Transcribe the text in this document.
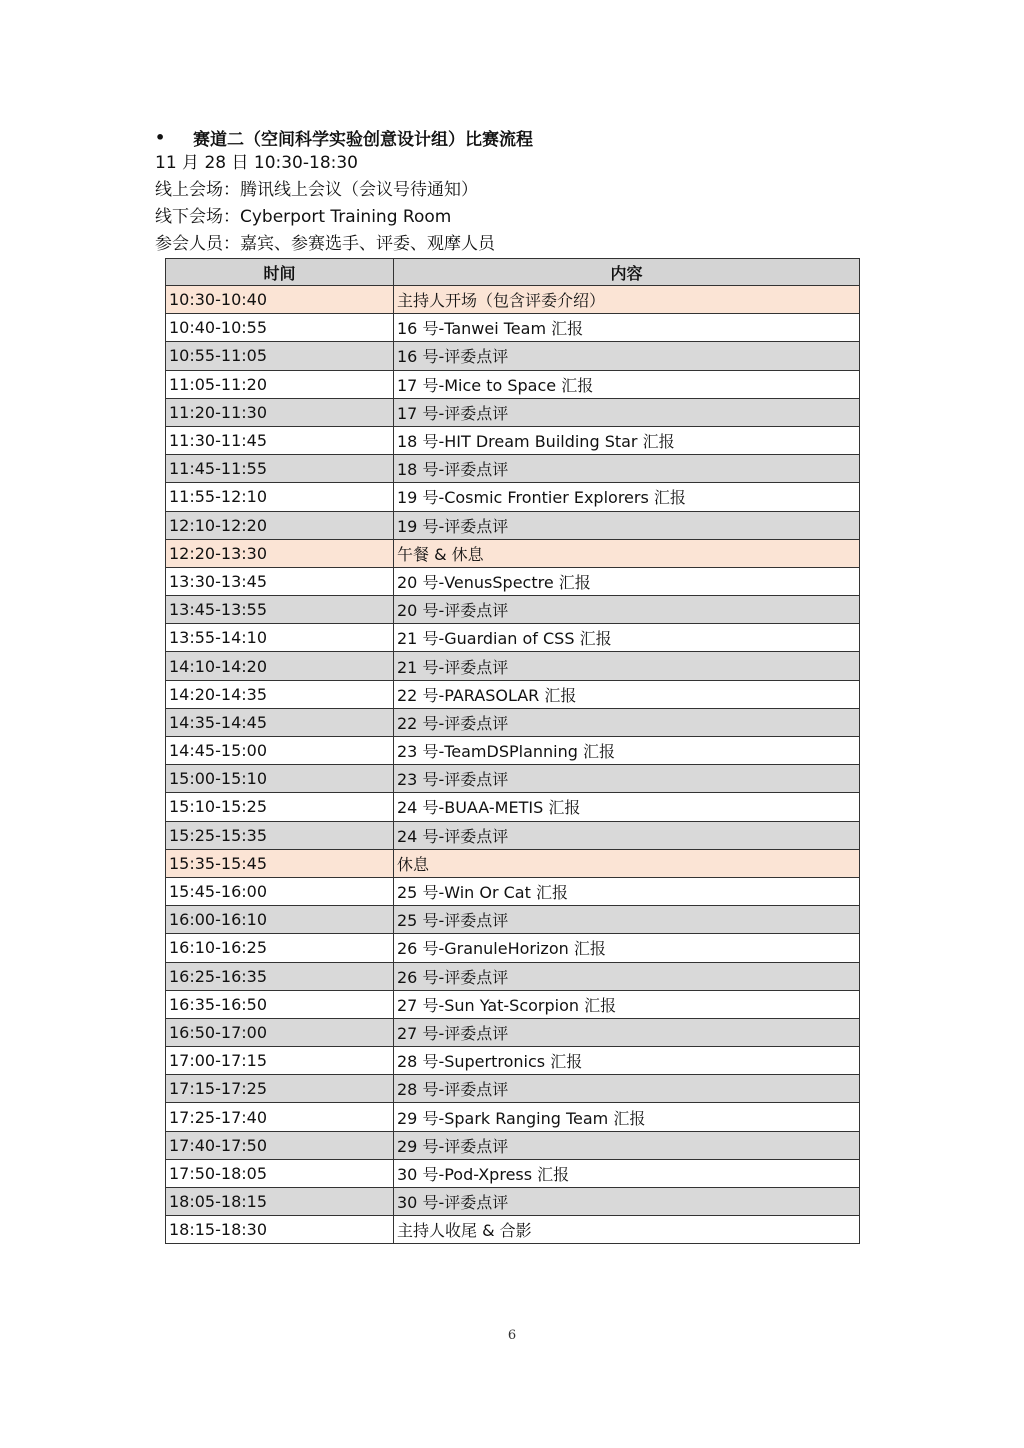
•	赛道二（空间科学实验创意设计组）比赛流程
11 月 28 日 10:30-18:30
线上会场：腾讯线上会议（会议号待通知）
线下会场：Cyberport Training Room
参会人员：嘉宾、参赛选手、评委、观摩人员
时间	内容
10:30-10:40	主持人开场（包含评委介绍）
10:40-10:55	16 号-Tanwei Team 汇报
10:55-11:05	16 号-评委点评
11:05-11:20	17 号-Mice to Space 汇报
11:20-11:30	17 号-评委点评
11:30-11:45	18 号-HIT Dream Building Star 汇报
11:45-11:55	18 号-评委点评
11:55-12:10	19 号-Cosmic Frontier Explorers 汇报
12:10-12:20	19 号-评委点评
12:20-13:30	午餐 & 休息
13:30-13:45	20 号-VenusSpectre 汇报
13:45-13:55	20 号-评委点评
13:55-14:10	21 号-Guardian of CSS 汇报
14:10-14:20	21 号-评委点评
14:20-14:35	22 号-PARASOLAR 汇报
14:35-14:45	22 号-评委点评
14:45-15:00	23 号-TeamDSPlanning 汇报
15:00-15:10	23 号-评委点评
15:10-15:25	24 号-BUAA-METIS 汇报
15:25-15:35	24 号-评委点评
15:35-15:45	休息
15:45-16:00	25 号-Win Or Cat 汇报
16:00-16:10	25 号-评委点评
16:10-16:25	26 号-GranuleHorizon 汇报
16:25-16:35	26 号-评委点评
16:35-16:50	27 号-Sun Yat-Scorpion 汇报
16:50-17:00	27 号-评委点评
17:00-17:15	28 号-Supertronics 汇报
17:15-17:25	28 号-评委点评
17:25-17:40	29 号-Spark Ranging Team 汇报
17:40-17:50	29 号-评委点评
17:50-18:05	30 号-Pod-Xpress 汇报
18:05-18:15	30 号-评委点评
18:15-18:30	主持人收尾 & 合影
6
